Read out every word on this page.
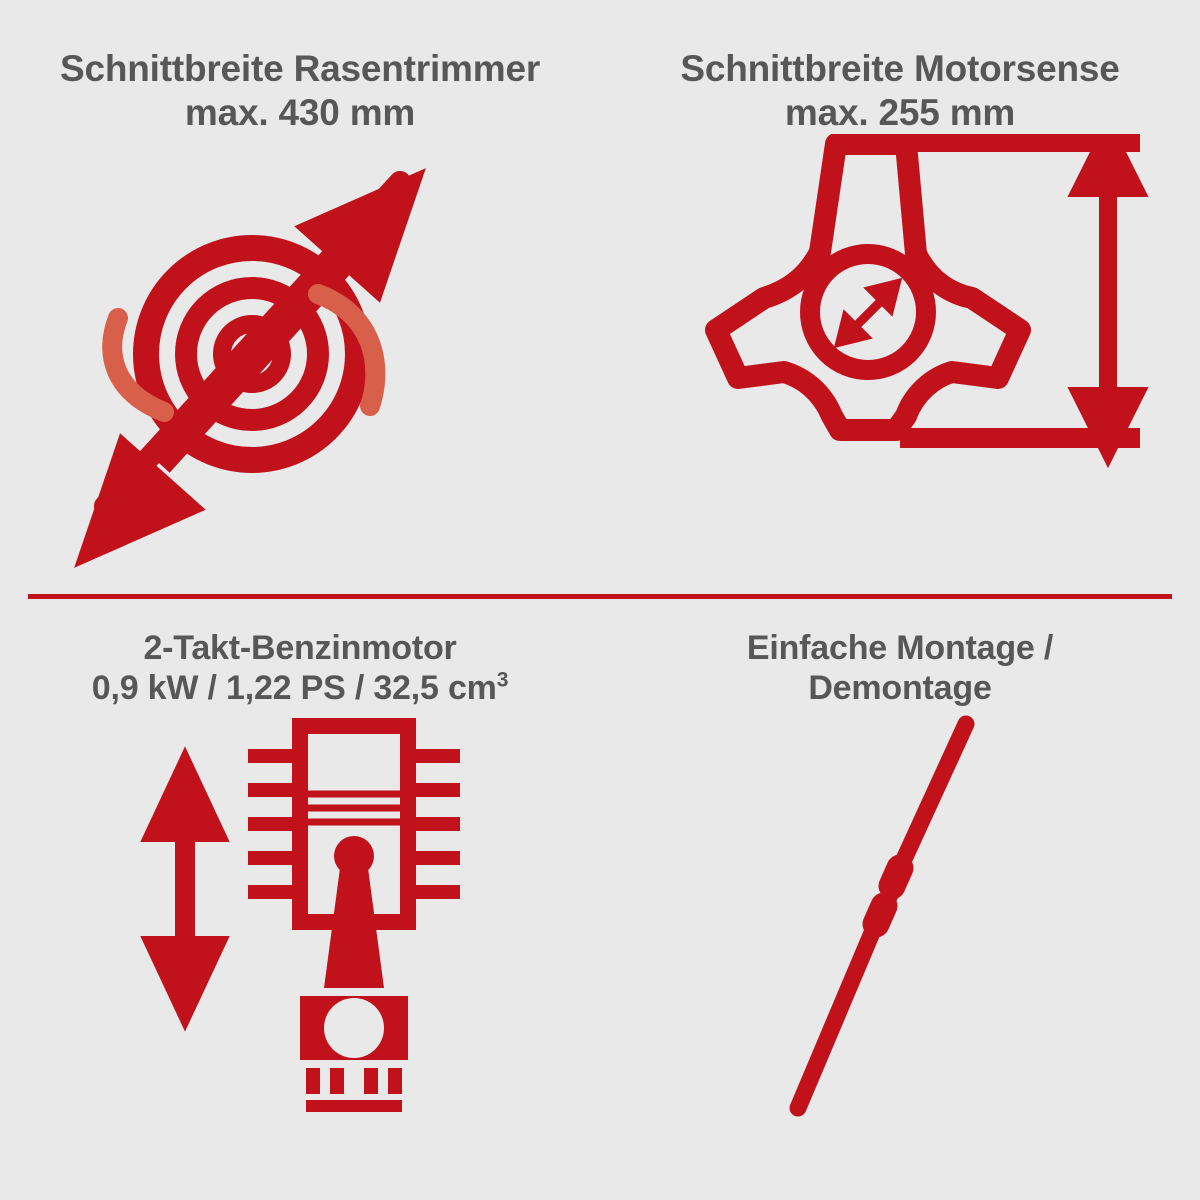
Schnittbreite Rasentrimmer
max. 430 mm
Schnittbreite Motorsense
max. 255 mm
2-Takt-Benzinmotor
0,9 kW / 1,22 PS / 32,5 $cm^3$
Einfache Montage /
Demontage
